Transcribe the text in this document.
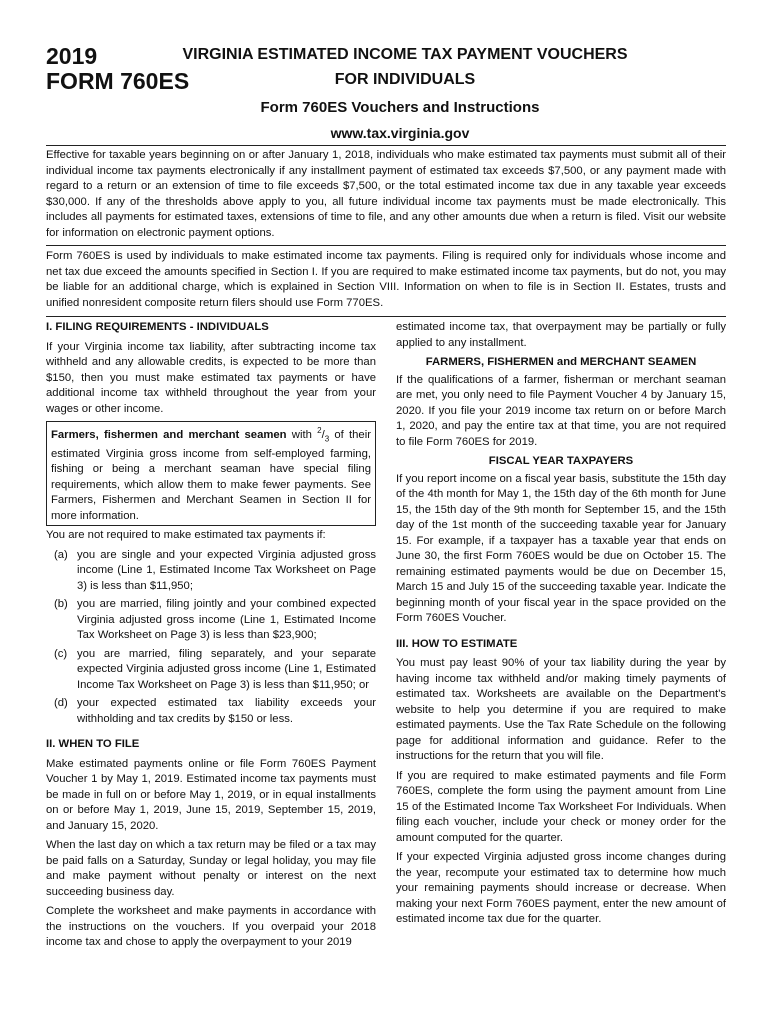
2019
FORM 760ES
VIRGINIA ESTIMATED INCOME TAX PAYMENT VOUCHERS
FOR INDIVIDUALS
Form 760ES Vouchers and Instructions
www.tax.virginia.gov

Effective for taxable years beginning on or after January 1, 2018, individuals who make estimated tax payments must submit all of their individual income tax payments electronically if any installment payment of estimated tax exceeds $7,500, or any payment made with regard to a return or an extension of time to file exceeds $7,500, or the total estimated income tax due in any taxable year exceeds $30,000. If any of the thresholds above apply to you, all future individual income tax payments must be made electronically. This includes all payments for estimated taxes, extensions of time to file, and any other amounts due when a return is filed. Visit our website for information on electronic payment options.

Form 760ES is used by individuals to make estimated income tax payments. Filing is required only for individuals whose income and net tax due exceed the amounts specified in Section I. If you are required to make estimated income tax payments, but do not, you may be liable for an additional charge, which is explained in Section VIII. Information on when to file is in Section II. Estates, trusts and unified nonresident composite return filers should use Form 770ES.

I. FILING REQUIREMENTS - INDIVIDUALS

If your Virginia income tax liability, after subtracting income tax withheld and any allowable credits, is expected to be more than $150, then you must make estimated tax payments or have additional income tax withheld throughout the year from your wages or other income.

Farmers, fishermen and merchant seamen with $^2/_3$ of their estimated Virginia gross income from self-employed farming, fishing or being a merchant seaman have special filing requirements, which allow them to make fewer payments. See Farmers, Fishermen and Merchant Seamen in Section II for more information.

You are not required to make estimated tax payments if:

(a) you are single and your expected Virginia adjusted gross income (Line 1, Estimated Income Tax Worksheet on Page 3) is less than $11,950;
(b) you are married, filing jointly and your combined expected Virginia adjusted gross income (Line 1, Estimated Income Tax Worksheet on Page 3) is less than $23,900;
(c) you are married, filing separately, and your separate expected Virginia adjusted gross income (Line 1, Estimated Income Tax Worksheet on Page 3) is less than $11,950; or
(d) your expected estimated tax liability exceeds your withholding and tax credits by $150 or less.
II. WHEN TO FILE

Make estimated payments online or file Form 760ES Payment Voucher 1 by May 1, 2019. Estimated income tax payments must be made in full on or before May 1, 2019, or in equal installments on or before May 1, 2019, June 15, 2019, September 15, 2019, and January 15, 2020.

When the last day on which a tax return may be filed or a tax may be paid falls on a Saturday, Sunday or legal holiday, you may file and make payment without penalty or interest on the next succeeding business day.

Complete the worksheet and make payments in accordance with the instructions on the vouchers. If you overpaid your 2018 income tax and chose to apply the overpayment to your 2019

estimated income tax, that overpayment may be partially or fully applied to any installment.

FARMERS, FISHERMEN and MERCHANT SEAMEN

If the qualifications of a farmer, fisherman or merchant seaman are met, you only need to file Payment Voucher 4 by January 15, 2020. If you file your 2019 income tax return on or before March 1, 2020, and pay the entire tax at that time, you are not required to file Form 760ES for 2019.

FISCAL YEAR TAXPAYERS

If you report income on a fiscal year basis, substitute the 15th day of the 4th month for May 1, the 15th day of the 6th month for June 15, the 15th day of the 9th month for September 15, and the 15th day of the 1st month of the succeeding taxable year for January 15. For example, if a taxpayer has a taxable year that ends on June 30, the first Form 760ES would be due on October 15. The remaining estimated payments would be due on December 15, March 15 and July 15 of the succeeding taxable year. Indicate the beginning month of your fiscal year in the space provided on the Form 760ES Voucher.

III. HOW TO ESTIMATE

You must pay least 90% of your tax liability during the year by having income tax withheld and/or making timely payments of estimated tax. Worksheets are available on the Department's website to help you determine if you are required to make estimated payments. Use the Tax Rate Schedule on the following page for additional information and guidance. Refer to the instructions for the return that you will file.

If you are required to make estimated payments and file Form 760ES, complete the form using the payment amount from Line 15 of the Estimated Income Tax Worksheet For Individuals. When filing each voucher, include your check or money order for the amount computed for the quarter.

If your expected Virginia adjusted gross income changes during the year, recompute your estimated tax to determine how much your remaining payments should increase or decrease. When making your next Form 760ES payment, enter the new amount of estimated income tax due for the quarter.
